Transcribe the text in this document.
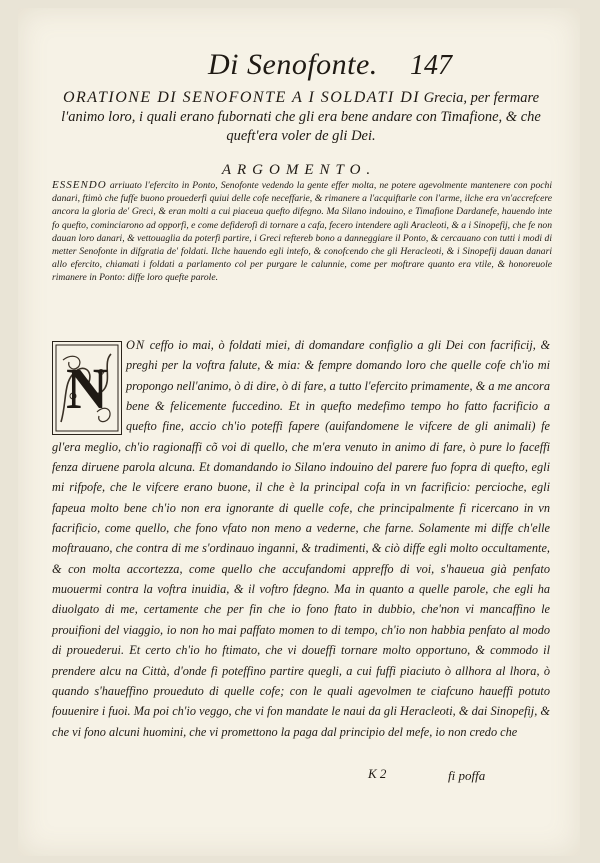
Di Senofonte. 147
ORATIONE DI SENOFONTE A I SOLDATI DI Grecia, per fermare l'animo loro, i quali erano fubornati che gli era bene andare con Timafione, & che queft'era voler de gli Dei.
ARGOMENTO.
ESSENDO arriuato l'efercito in Ponto, Senofonte vedendo la gente effer molta, ne potere agevolmente mantenere con pochi danari, ftimò che fuffe buono prouederfi quiui delle cofe neceffarie, & rimanere a l'acquiftarle con l'arme, ilche era vn'accrefcere ancora la gloria de' Greci, & eran molti a cui piaceua quefto difegno. Ma Silano indouino, e Timafione Dardanefe, hauendo inte fo quefto, cominciarono ad opporfi, e come defiderofi di tornare a cafa, fecero intendere agli Aracleoti, & a i Sinopefij, che fe non dauan loro danari, & vettouaglia da poterfi partire, i Greci reftereb bono a danneggiare il Ponto, & cercauano con tutti i modi di metter Senofonte in difgratia de' foldati. Ilche hauendo egli intefo, & conofcendo che gli Heracleoti, & i Sinopefij dauan danari allo efercito, chiamati i foldati a parlamento col per purgare le calunnie, come per moftrare quanto era vtile, & honoreuole rimanere in Ponto: diffe loro quefte parole.
N
ON ceffo io mai, ò foldati miei, di domandare configlio a gli Dei con facrificij, & preghi per la voftra falute, & mia: & fempre domando loro che quelle cofe ch'io mi propongo nell'animo, ò di dire, ò di fare, a tutto l'efercito primamente, & a me ancora bene & felicemente fuccedino. Et in quefto medefimo tempo ho fatto facrificio a quefto fine, accio ch'io poteffi fapere (auifandomene le vifcere de gli animali) fe gl'era meglio, ch'io ragionaffi cõ voi di quello, che m'era venuto in animo di fare, ò pure lo faceffi fenza diruene parola alcuna. Et domandando io Silano indouino del parere fuo fopra di quefto, egli mi rifpofe, che le vifcere erano buone, il che è la principal cofa in vn facrificio: percioche, egli fapeua molto bene ch'io non era ignorante di quelle cofe, che principalmente fi ricercano in vn facrificio, come quello, che fono vfato non meno a vederne, che farne. Solamente mi diffe ch'elle moftrauano, che contra di me s'ordinauo inganni, & tradimenti, & ciò diffe egli molto occultamente, & con molta accortezza, come quello che accufandomi appreffo di voi, s'haueua già penfato muouermi contra la voftra inuidia, & il voftro fdegno. Ma in quanto a quelle parole, che egli ha diuolgato di me, certamente che per fin che io fono ftato in dubbio, che'non vi mancaffino le prouifioni del viaggio, io non ho mai paffato momen to di tempo, ch'io non habbia penfato al modo di prouederui. Et certo ch'io ho ftimato, che vi doueffi tornare molto opportuno, & commodo il prendere alcu na Città, d'onde fi poteffino partire quegli, a cui fuffi piaciuto ò allhora al lhora, ò quando s'haueffino proueduto di quelle cofe; con le quali agevolmen te ciafcuno haueffi potuto fouuenire i fuoi. Ma poi ch'io veggo, che vi fon mandate le naui da gli Heracleoti, & dai Sinopefij, & che vi fono alcuni huomini, che vi promettono la paga dal principio del mefe, io non credo che
K 2	fi poffa
